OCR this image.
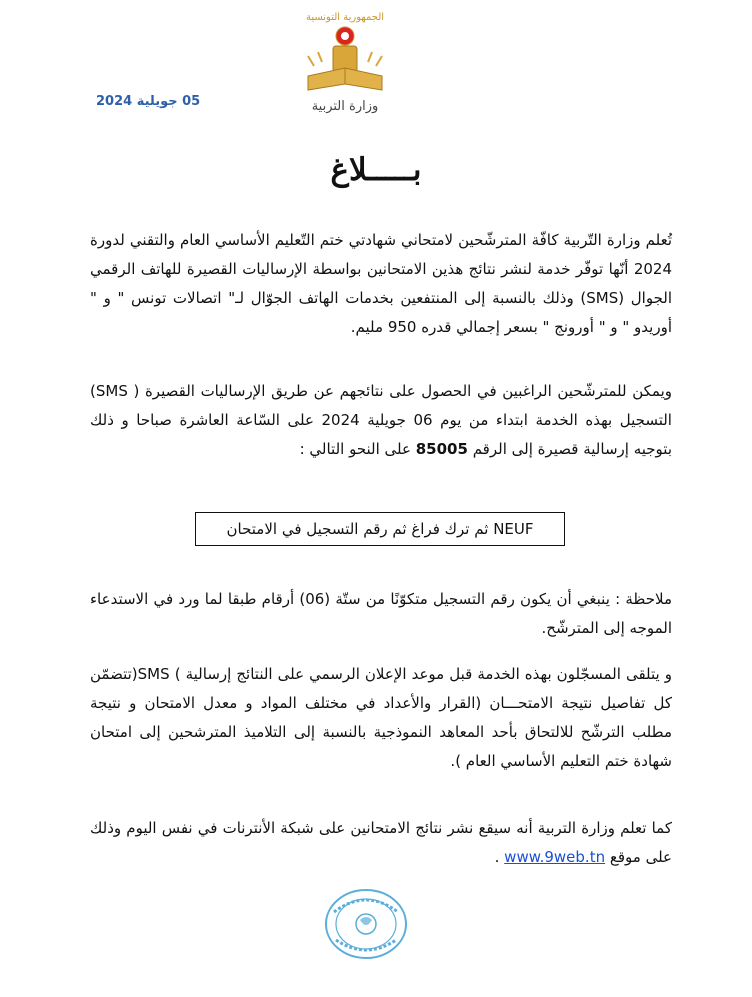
الجمهورية التونسية
وزارة التربية
05 جويلية 2024
بـــــلاغ

تُعلم وزارة التّربية كافّة المترشّحين لامتحاني شهادتي ختم التّعليم الأساسي العام والتقني لدورة 2024 أنّها توفّر خدمة لنشر نتائج هذين الامتحانين بواسطة الإرساليات القصيرة للهاتف الرقمي الجوال (SMS) وذلك بالنسبة إلى المنتفعين بخدمات الهاتف الجوّال لـ" اتصالات تونس " و " أوريدو " و " أورونج " بسعر إجمالي قدره 950 مليم.

ويمكن للمترشّحين الراغبين في الحصول على نتائجهم عن طريق الإرساليات القصيرة ( SMS) التسجيل بهذه الخدمة ابتداء من يوم 06 جويلية 2024 على السّاعة العاشرة صباحا و ذلك بتوجيه إرسالية قصيرة إلى الرقم 85005 على النحو التالي :

NEUF ثم ترك فراغ ثم رقم التسجيل في الامتحان

ملاحظة : ينبغي أن يكون رقم التسجيل متكوّنًا من ستّة (06) أرقام طبقا لما ورد في الاستدعاء الموجه إلى المترشّح.

و يتلقى المسجّلون بهذه الخدمة قبل موعد الإعلان الرسمي على النتائج إرسالية ) SMS(تتضمّن كل تفاصيل نتيجة الامتحـــان (القرار والأعداد في مختلف المواد و معدل الامتحان و نتيجة مطلب الترشّح للالتحاق بأحد المعاهد النموذجية بالنسبة إلى التلاميذ المترشحين إلى امتحان شهادة ختم التعليم الأساسي العام ).

كما تعلم وزارة التربية أنه سيقع نشر نتائج الامتحانين على شبكة الأنترنات في نفس اليوم وذلك على موقع www.9web.tn .
